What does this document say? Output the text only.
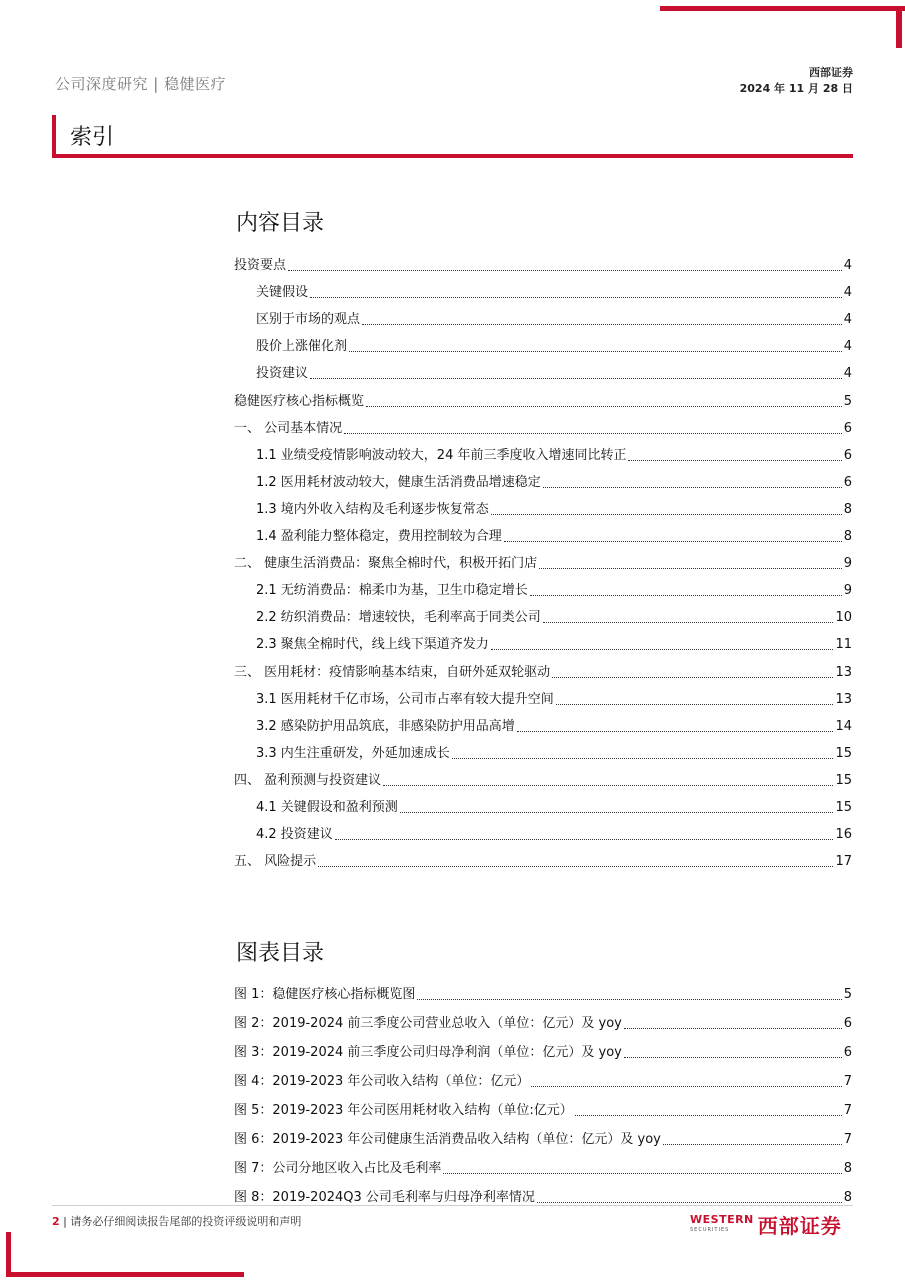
公司深度研究 | 稳健医疗
西部证券
2024 年 11 月 28 日
索引
内容目录
投资要点	4
关键假设	4
区别于市场的观点	4
股价上涨催化剂	4
投资建议	4
稳健医疗核心指标概览	5
一、 公司基本情况	6
1.1 业绩受疫情影响波动较大，24 年前三季度收入增速同比转正	6
1.2 医用耗材波动较大，健康生活消费品增速稳定	6
1.3 境内外收入结构及毛利逐步恢复常态	8
1.4 盈利能力整体稳定，费用控制较为合理	8
二、 健康生活消费品：聚焦全棉时代，积极开拓门店	9
2.1 无纺消费品：棉柔巾为基，卫生巾稳定增长	9
2.2 纺织消费品：增速较快，毛利率高于同类公司	10
2.3 聚焦全棉时代，线上线下渠道齐发力	11
三、 医用耗材：疫情影响基本结束，自研外延双轮驱动	13
3.1 医用耗材千亿市场，公司市占率有较大提升空间	13
3.2 感染防护用品筑底，非感染防护用品高增	14
3.3 内生注重研发，外延加速成长	15
四、 盈利预测与投资建议	15
4.1 关键假设和盈利预测	15
4.2 投资建议	16
五、 风险提示	17
图表目录
图 1：稳健医疗核心指标概览图	5
图 2：2019-2024 前三季度公司营业总收入（单位：亿元）及 yoy	6
图 3：2019-2024 前三季度公司归母净利润（单位：亿元）及 yoy	6
图 4：2019-2023 年公司收入结构（单位：亿元）	7
图 5：2019-2023 年公司医用耗材收入结构（单位:亿元）	7
图 6：2019-2023 年公司健康生活消费品收入结构（单位：亿元）及 yoy	7
图 7：公司分地区收入占比及毛利率	8
图 8：2019-2024Q3 公司毛利率与归母净利率情况	8
2 | 请务必仔细阅读报告尾部的投资评级说明和声明	WESTERN
SECURITIES	西部证券
